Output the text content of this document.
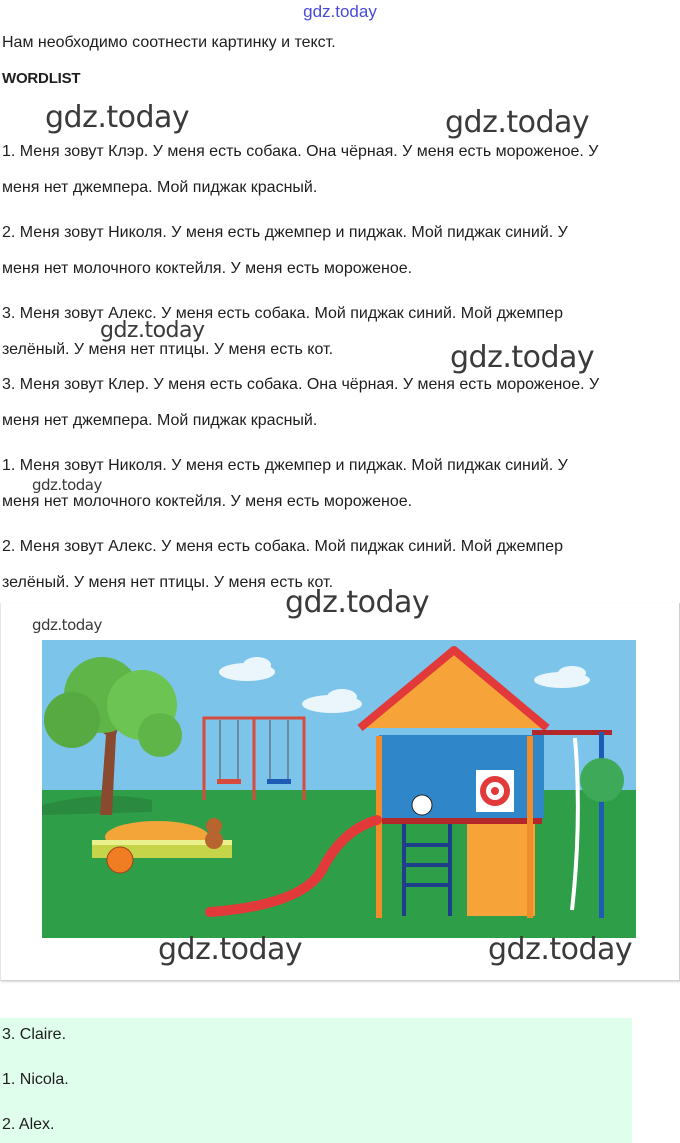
gdz.today
Нам необходимо соотнести картинку и текст.
WORDLIST
1. Меня зовут Клэр. У меня есть собака. Она чёрная. У меня есть мороженое. У
меня нет джемпера. Мой пиджак красный.
2. Меня зовут Николя. У меня есть джемпер и пиджак. Мой пиджак синий. У
меня нет молочного коктейля. У меня есть мороженое.
3. Меня зовут Алекс. У меня есть собака. Мой пиджак синий. Мой джемпер
зелёный. У меня нет птицы. У меня есть кот.
3. Меня зовут Клер. У меня есть собака. Она чёрная. У меня есть мороженое. У
меня нет джемпера. Мой пиджак красный.
1. Меня зовут Николя. У меня есть джемпер и пиджак. Мой пиджак синий. У
меня нет молочного коктейля. У меня есть мороженое.
2. Меня зовут Алекс. У меня есть собака. Мой пиджак синий. Мой джемпер
зелёный. У меня нет птицы. У меня есть кот.
gdz.today	gdz.today
gdz.today
gdz.today
gdz.today
gdz.today
gdz.today
gdz.today	gdz.today
3. Claire.
1. Nicola.
2. Alex.
